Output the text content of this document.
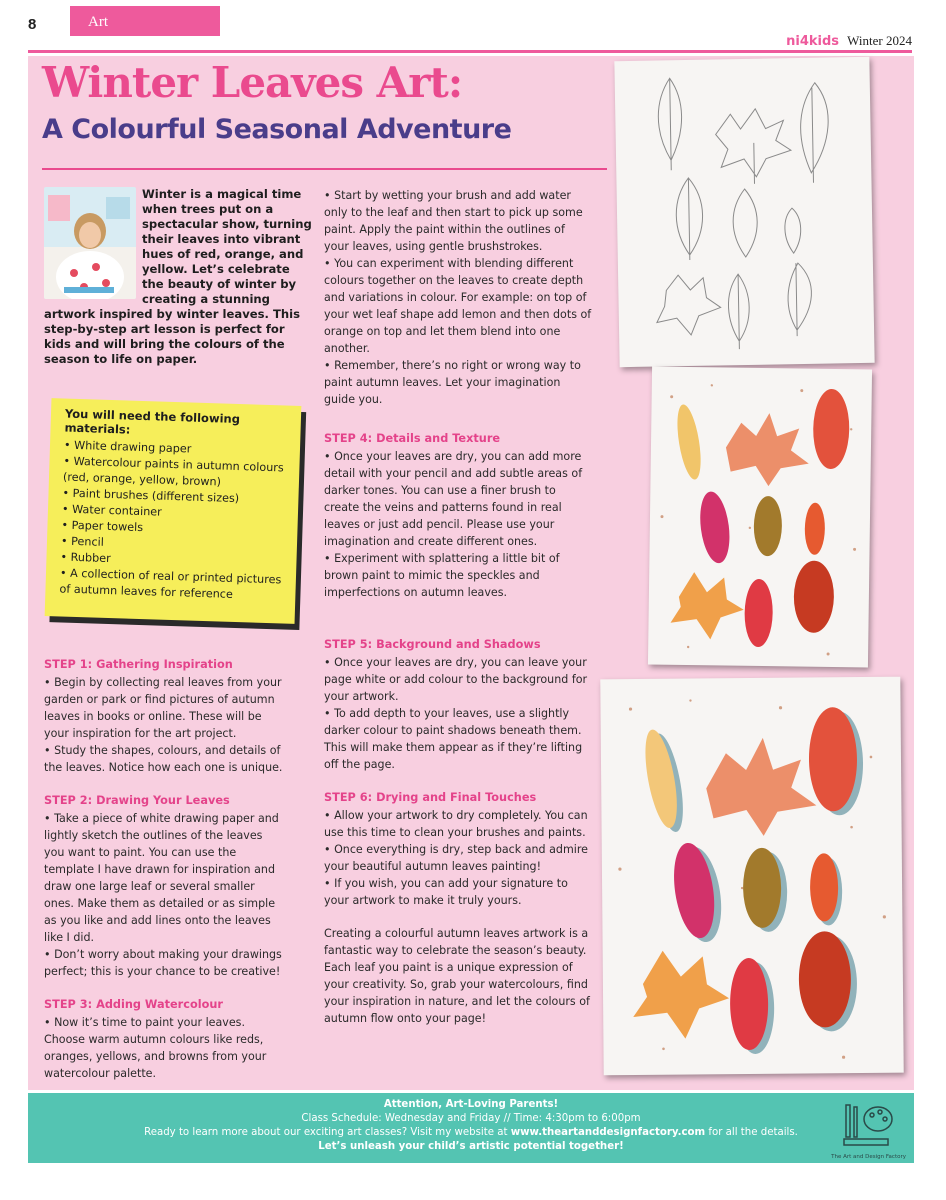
8	Art
ni4kids Winter 2024
Winter Leaves Art:
A Colourful Seasonal Adventure
Winter is a magical time when trees put on a spectacular show, turning their leaves into vibrant hues of red, orange, and yellow. Let’s celebrate the beauty of winter by creating a stunning artwork inspired by winter leaves. This step-by-step art lesson is perfect for kids and will bring the colours of the season to life on paper.
You will need the following materials:
• White drawing paper
• Watercolour paints in autumn colours (red, orange, yellow, brown)
• Paint brushes (different sizes)
• Water container
• Paper towels
• Pencil
• Rubber
• A collection of real or printed pictures of autumn leaves for reference
STEP 1: Gathering Inspiration

• Begin by collecting real leaves from your garden or park or find pictures of autumn leaves in books or online. These will be your inspiration for the art project.

• Study the shapes, colours, and details of the leaves. Notice how each one is unique.

STEP 2: Drawing Your Leaves

• Take a piece of white drawing paper and lightly sketch the outlines of the leaves you want to paint. You can use the template I have drawn for inspiration and draw one large leaf or several smaller ones. Make them as detailed or as simple as you like and add lines onto the leaves like I did.

• Don’t worry about making your drawings perfect; this is your chance to be creative!

STEP 3: Adding Watercolour

• Now it’s time to paint your leaves. Choose warm autumn colours like reds, oranges, yellows, and browns from your watercolour palette.

• Start by wetting your brush and add water only to the leaf and then start to pick up some paint. Apply the paint within the outlines of your leaves, using gentle brushstrokes.

• You can experiment with blending different colours together on the leaves to create depth and variations in colour. For example: on top of your wet leaf shape add lemon and then dots of orange on top and let them blend into one another.

• Remember, there’s no right or wrong way to paint autumn leaves. Let your imagination guide you.

STEP 4: Details and Texture

• Once your leaves are dry, you can add more detail with your pencil and add subtle areas of darker tones. You can use a finer brush to create the veins and patterns found in real leaves or just add pencil. Please use your imagination and create different ones.

• Experiment with splattering a little bit of brown paint to mimic the speckles and imperfections on autumn leaves.

STEP 5: Background and Shadows

• Once your leaves are dry, you can leave your page white or add colour to the background for your artwork.

• To add depth to your leaves, use a slightly darker colour to paint shadows beneath them. This will make them appear as if they’re lifting off the page.

STEP 6: Drying and Final Touches

• Allow your artwork to dry completely. You can use this time to clean your brushes and paints.

• Once everything is dry, step back and admire your beautiful autumn leaves painting!

• If you wish, you can add your signature to your artwork to make it truly yours.

Creating a colourful autumn leaves artwork is a fantastic way to celebrate the season’s beauty. Each leaf you paint is a unique expression of your creativity. So, grab your watercolours, find your inspiration in nature, and let the colours of autumn flow onto your page!

Attention, Art-Loving Parents!
Class Schedule: Wednesday and Friday // Time: 4:30pm to 6:00pm
Ready to learn more about our exciting art classes? Visit my website at www.theartanddesignfactory.com for all the details.
Let’s unleash your child’s artistic potential together!
The Art and Design Factory
